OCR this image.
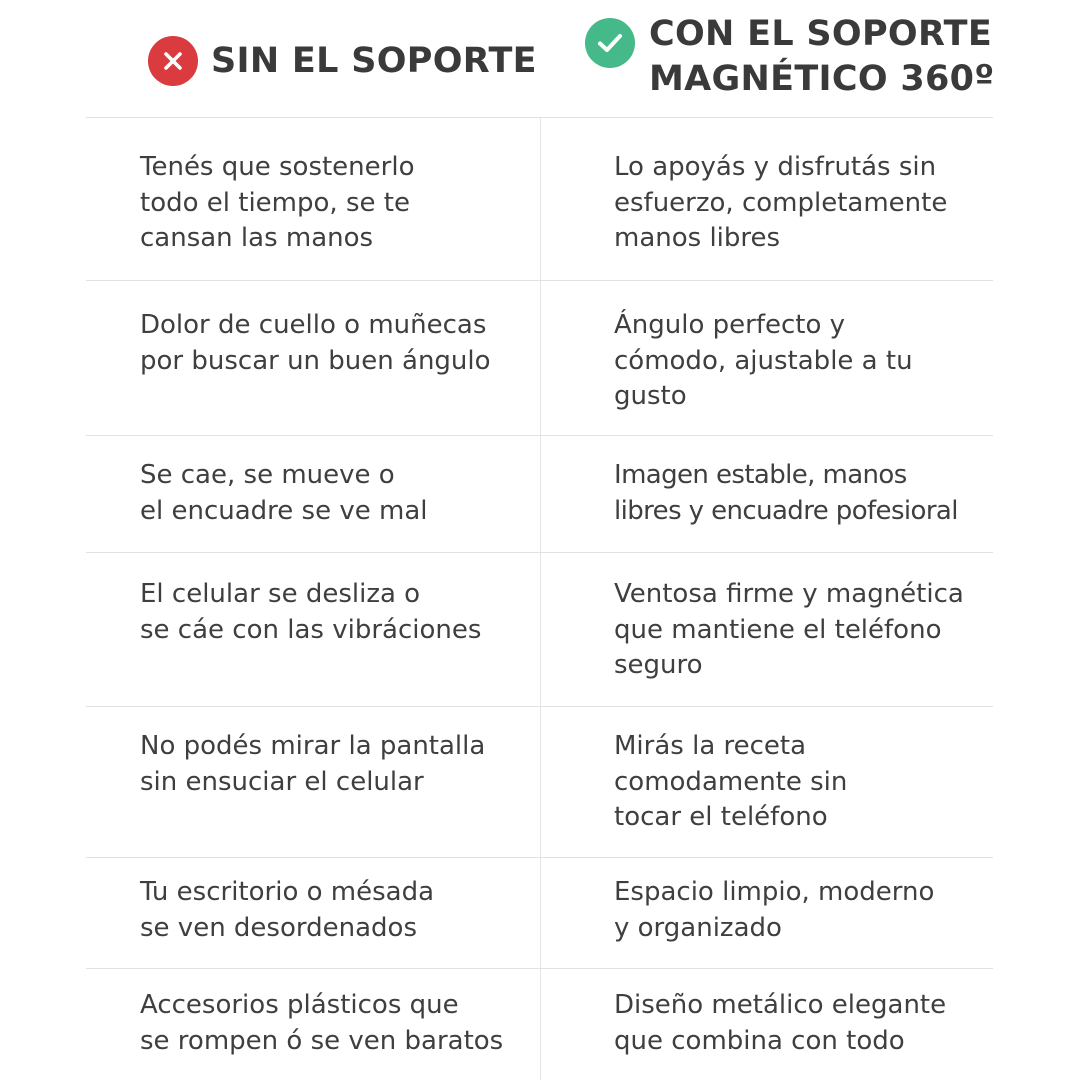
SIN EL SOPORTE
CON EL SOPORTE
MAGNÉTICO 360º
Tenés que sostenerlo
todo el tiempo, se te
cansan las manos
Lo apoyás y disfrutás sin
esfuerzo, completamente
manos libres
Dolor de cuello o muñecas
por buscar un buen ángulo
Ángulo perfecto y
cómodo, ajustable a tu
gusto
Se cae, se mueve o
el encuadre se ve mal
Imagen estable, manos
libres y encuadre pofesioral
El celular se desliza o
se cáe con las vibráciones
Ventosa firme y magnética
que mantiene el teléfono
seguro
No podés mirar la pantalla
sin ensuciar el celular
Mirás la receta
comodamente sin
tocar el teléfono
Tu escritorio o mésada
se ven desordenados
Espacio limpio, moderno
y organizado
Accesorios plásticos que
se rompen ó se ven baratos
Diseño metálico elegante
que combina con todo
